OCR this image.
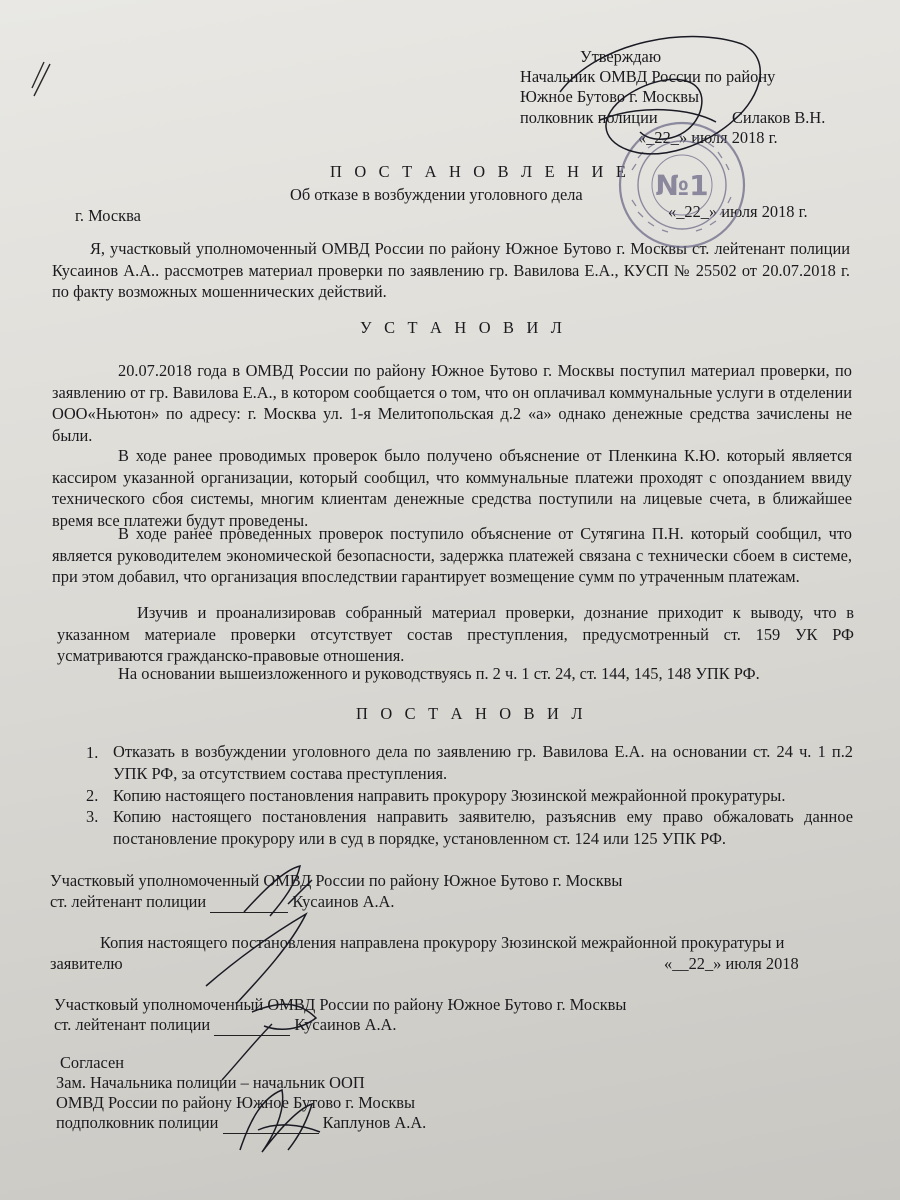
Утверждаю
Начальник ОМВД России по району
Южное Бутово г. Москвы
полковник полиции	Силаков В.Н.
«_22_» июля 2018 г.
П О С Т А Н О В Л Е Н И Е
Об отказе в возбуждении уголовного дела
г. Москва	«_22_» июля 2018 г.
Я, участковый уполномоченный ОМВД России по району Южное Бутово г. Москвы ст. лейтенант полиции Кусаинов А.А.. рассмотрев материал проверки по заявлению гр. Вавилова Е.А., КУСП № 25502 от 20.07.2018 г. по факту возможных мошеннических действий.
У С Т А Н О В И Л
20.07.2018 года в ОМВД России по району Южное Бутово г. Москвы поступил материал проверки, по заявлению от гр. Вавилова Е.А., в котором сообщается о том, что он оплачивал коммунальные услуги в отделении ООО«Ньютон» по адресу: г. Москва ул. 1-я Мелитопольская д.2 «а» однако денежные средства зачислены не были.
В ходе ранее проводимых проверок было получено объяснение от Пленкина К.Ю. который является кассиром указанной организации, который сообщил, что коммунальные платежи проходят с опозданием ввиду технического сбоя системы, многим клиентам денежные средства поступили на лицевые счета, в ближайшее время все платежи будут проведены.
В ходе ранее проведенных проверок поступило объяснение от Сутягина П.Н. который сообщил, что является руководителем экономической безопасности, задержка платежей связана с технически сбоем в системе, при этом добавил, что организация впоследствии гарантирует возмещение сумм по утраченным платежам.
Изучив и проанализировав собранный материал проверки, дознание приходит к выводу, что в указанном материале проверки отсутствует состав преступления, предусмотренный ст. 159 УК РФ усматриваются гражданско-правовые отношения.
На основании вышеизложенного и руководствуясь п. 2 ч. 1 ст. 24, ст. 144, 145, 148 УПК РФ.
П О С Т А Н О В И Л
1. Отказать в возбуждении уголовного дела по заявлению гр. Вавилова Е.А. на основании ст. 24 ч. 1 п.2 УПК РФ, за отсутствием состава преступления.
2. Копию настоящего постановления направить прокурору Зюзинской межрайонной прокуратуры.
3. Копию настоящего постановления направить заявителю, разъяснив ему право обжаловать данное постановление прокурору или в суд в порядке, установленном ст. 124 или 125 УПК РФ.
Участковый уполномоченный ОМВД России по району Южное Бутово г. Москвы
ст. лейтенант полиции	Кусаинов А.А.
Копия настоящего постановления направлена прокурору Зюзинской межрайонной прокуратуры и
заявителю	«__22_» июля 2018
Участковый уполномоченный ОМВД России по району Южное Бутово г. Москвы
ст. лейтенант полиции	Кусаинов А.А.
Согласен
Зам. Начальника полиции – начальник ООП
ОМВД России по району Южное Бутово г. Москвы
подполковник полиции	Каплунов А.А.
№1
